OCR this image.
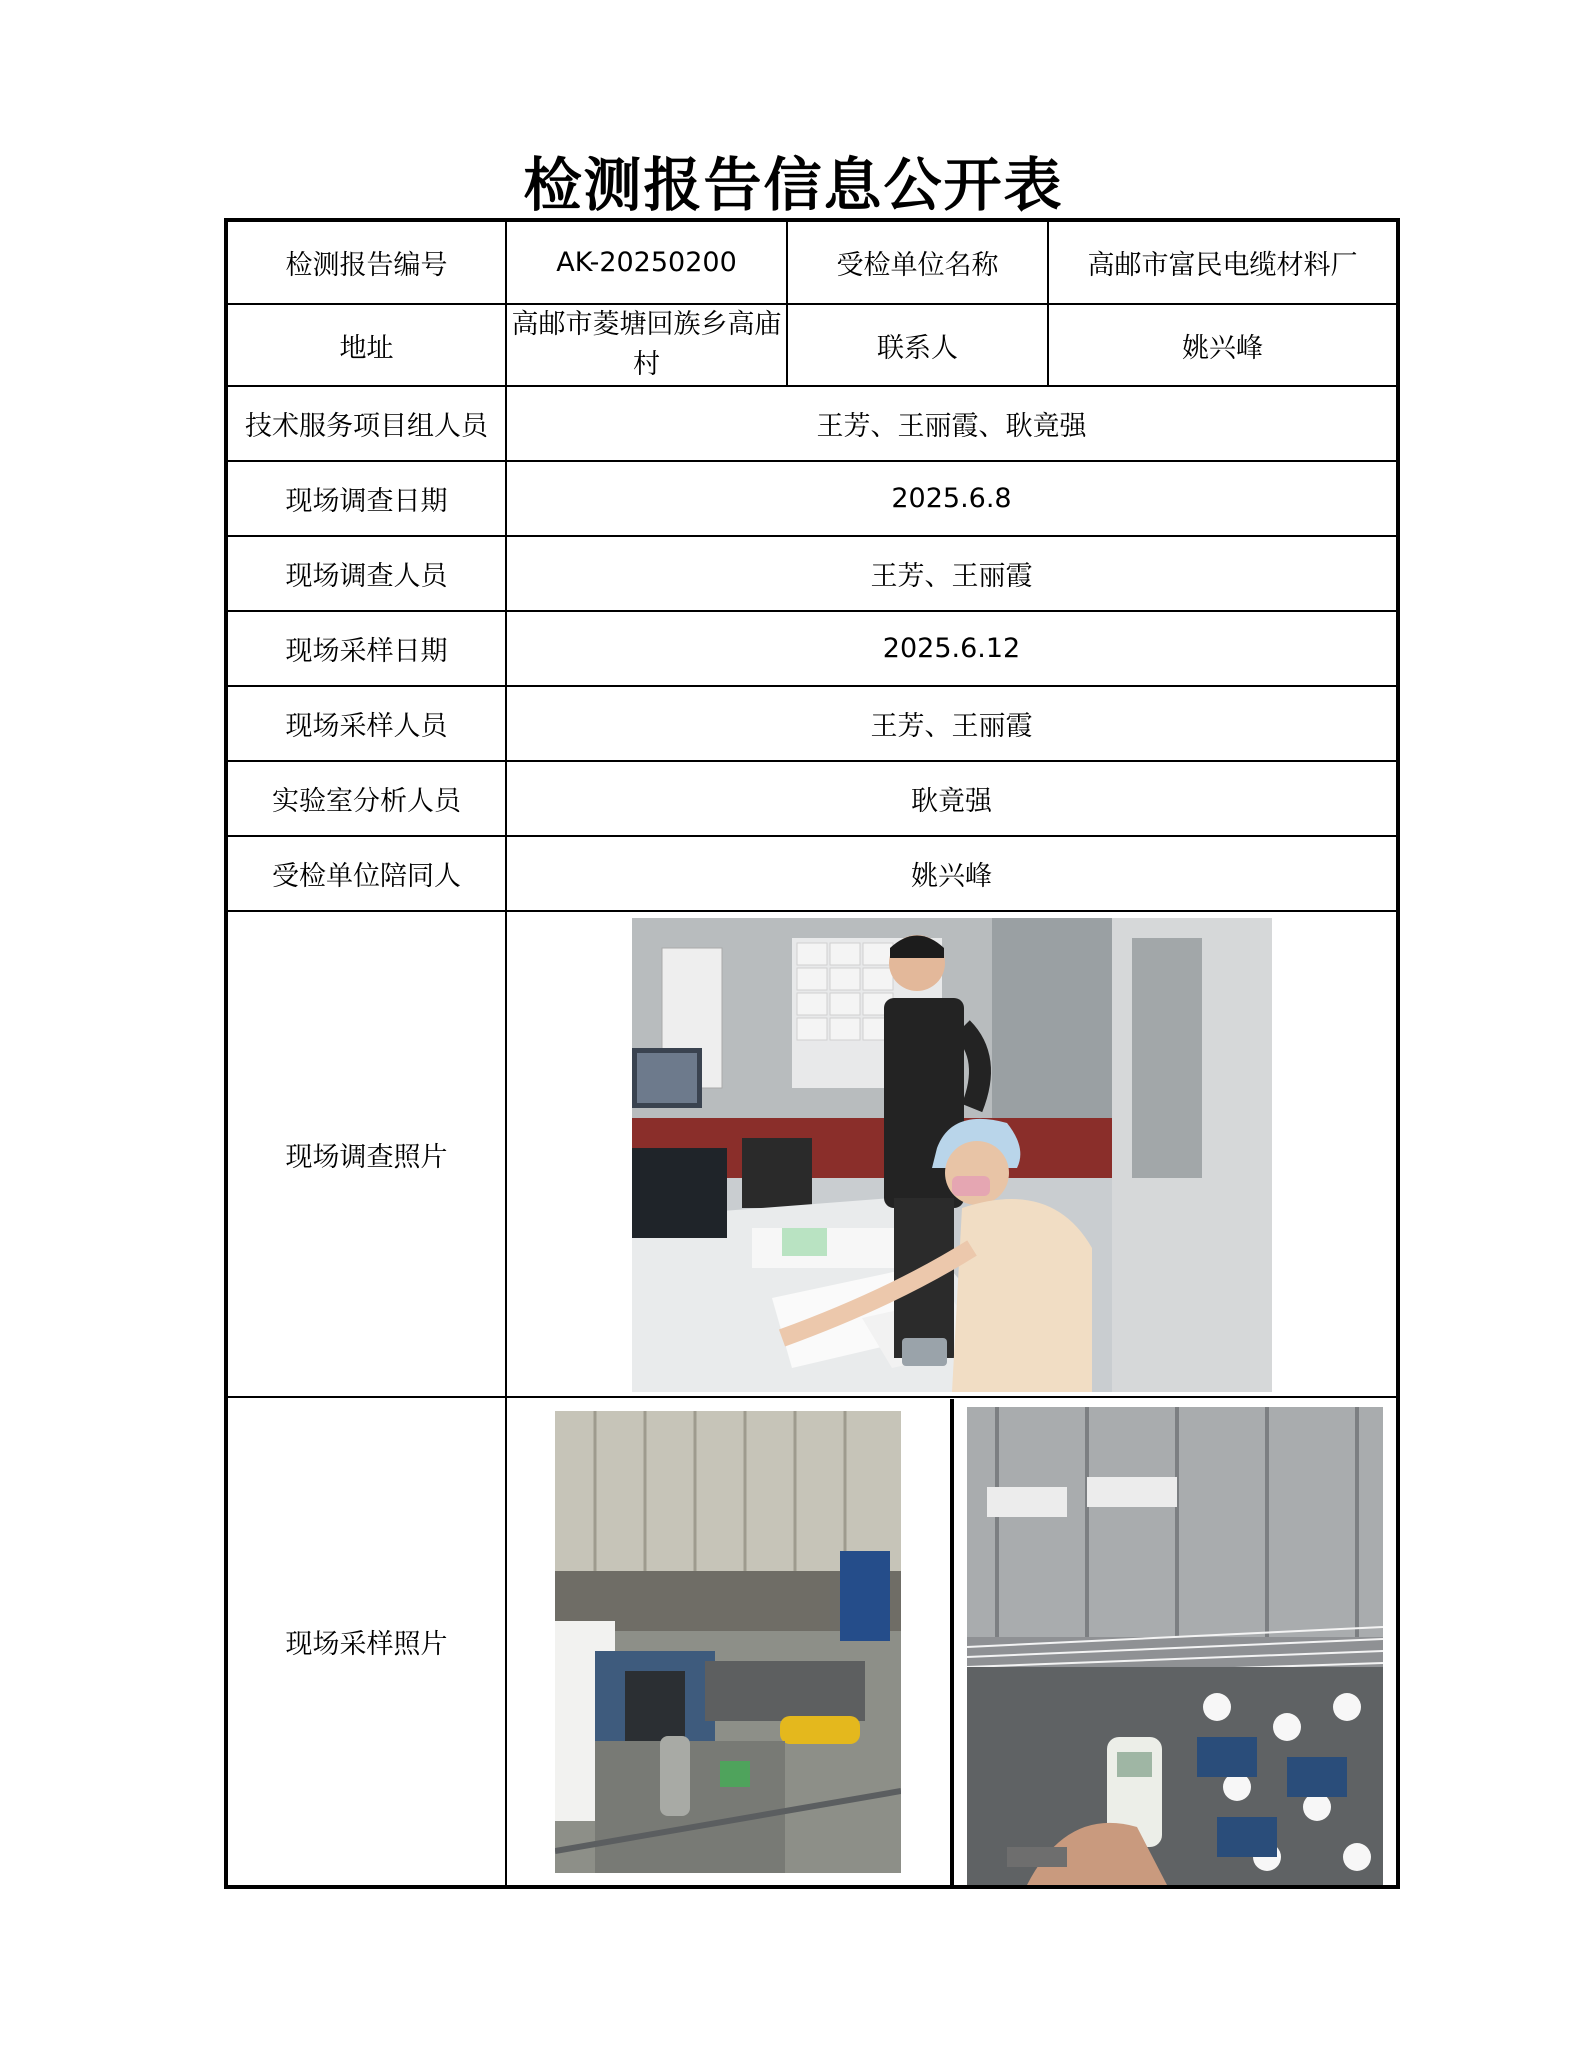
检测报告信息公开表
检测报告编号	AK-20250200	受检单位名称	高邮市富民电缆材料厂
地址	高邮市菱塘回族乡高庙村	联系人	姚兴峰
技术服务项目组人员	王芳、王丽霞、耿竟强		
现场调查日期	2025.6.8		
现场调查人员	王芳、王丽霞		
现场采样日期	2025.6.12		
现场采样人员	王芳、王丽霞		
实验室分析人员	耿竟强		
受检单位陪同人	姚兴峰		
现场调查照片	

现场采样照片	
